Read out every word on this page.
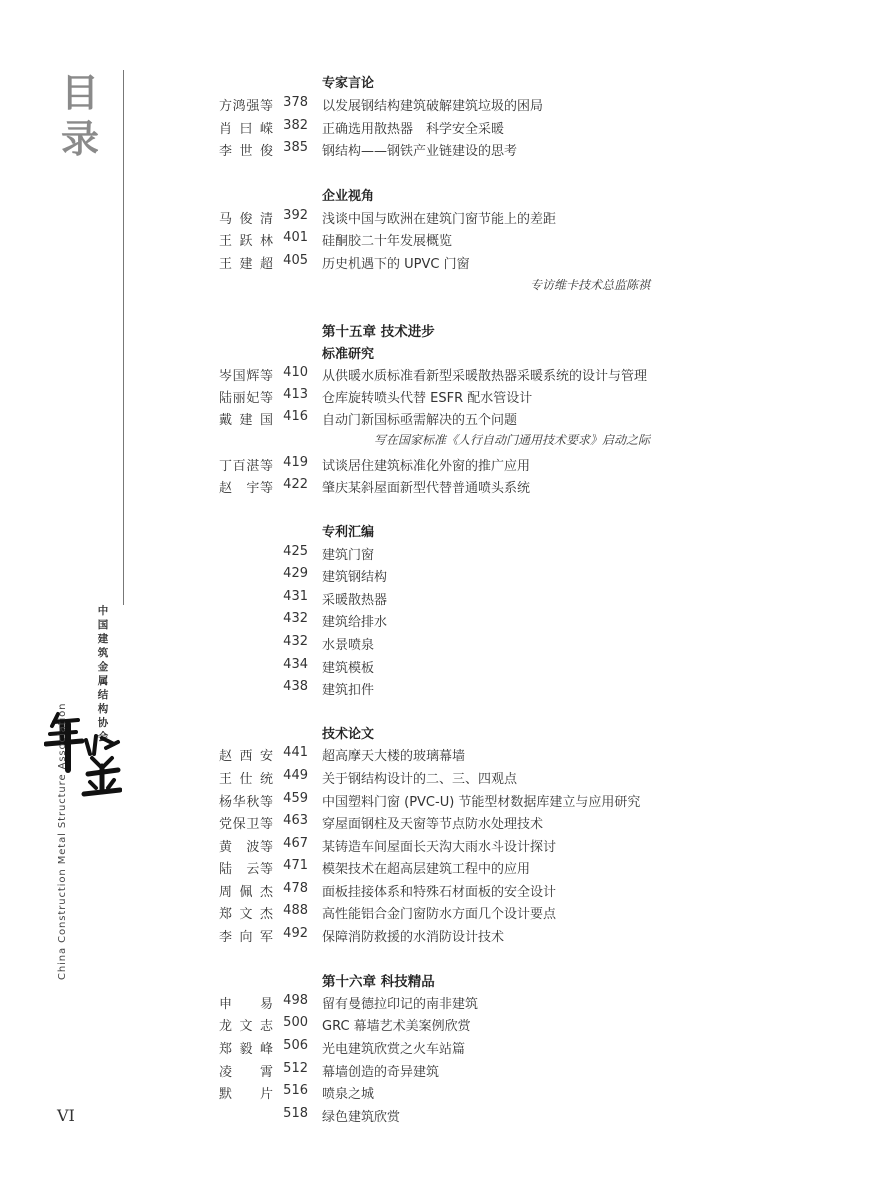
目
录
中国建筑金属结构协会
China Construction Metal Structure Association
VI
专家言论
方鸿强等 378 以发展钢结构建筑破解建筑垃圾的困局
肖曰嵘 382 正确选用散热器　科学安全采暖
李世俊 385 钢结构——钢铁产业链建设的思考
企业视角
马俊清 392 浅谈中国与欧洲在建筑门窗节能上的差距
王跃林 401 硅酮胶二十年发展概览
王建超 405 历史机遇下的 UPVC 门窗
专访维卡技术总监陈祺
第十五章 技术进步
标准研究
岑国辉等 410 从供暖水质标准看新型采暖散热器采暖系统的设计与管理
陆丽妃等 413 仓库旋转喷头代替 ESFR 配水管设计
戴建国 416 自动门新国标亟需解决的五个问题
写在国家标准《人行自动门通用技术要求》启动之际
丁百湛等 419 试谈居住建筑标准化外窗的推广应用
赵　宇等 422 肇庆某斜屋面新型代替普通喷头系统
专利汇编
425 建筑门窗
429 建筑钢结构
431 采暖散热器
432 建筑给排水
432 水景喷泉
434 建筑模板
438 建筑扣件
技术论文
赵西安 441 超高摩天大楼的玻璃幕墙
王仕统 449 关于钢结构设计的二、三、四观点
杨华秋等 459 中国塑料门窗 (PVC-U) 节能型材数据库建立与应用研究
党保卫等 463 穿屋面钢柱及天窗等节点防水处理技术
黄　波等 467 某铸造车间屋面长天沟大雨水斗设计探讨
陆　云等 471 模架技术在超高层建筑工程中的应用
周佩杰 478 面板挂接体系和特殊石材面板的安全设计
郑文杰 488 高性能铝合金门窗防水方面几个设计要点
李向军 492 保障消防救援的水消防设计技术
第十六章 科技精品
申　易 498 留有曼德拉印记的南非建筑
龙文志 500 GRC 幕墙艺术美案例欣赏
郑毅峰 506 光电建筑欣赏之火车站篇
凌　霄 512 幕墙创造的奇异建筑
默　片 516 喷泉之城
518 绿色建筑欣赏
